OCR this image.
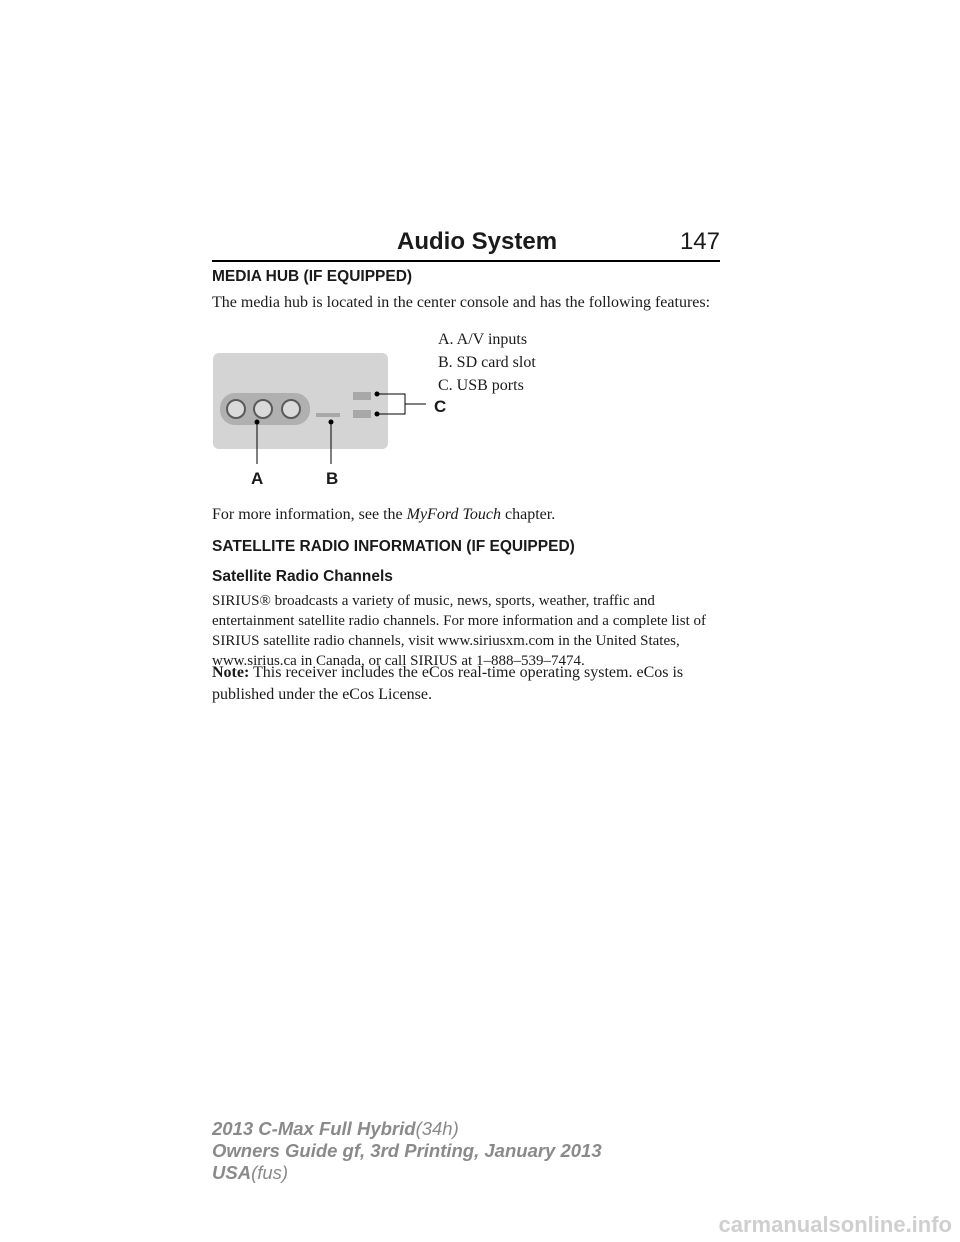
Audio System	147
MEDIA HUB (IF EQUIPPED)
The media hub is located in the center console and has the following features:
A. A/V inputs
B. SD card slot
C. USB ports
A	B
C
For more information, see the MyFord Touch chapter.
SATELLITE RADIO INFORMATION (IF EQUIPPED)
Satellite Radio Channels
SIRIUS® broadcasts a variety of music, news, sports, weather, traffic and entertainment satellite radio channels. For more information and a complete list of SIRIUS satellite radio channels, visit www.siriusxm.com in the United States, www.sirius.ca in Canada, or call SIRIUS at 1–888–539–7474.
Note: This receiver includes the eCos real-time operating system. eCos is published under the eCos License.
2013 C-Max Full Hybrid(34h)
Owners Guide gf, 3rd Printing, January 2013
USA(fus)
carmanualsonline.info
